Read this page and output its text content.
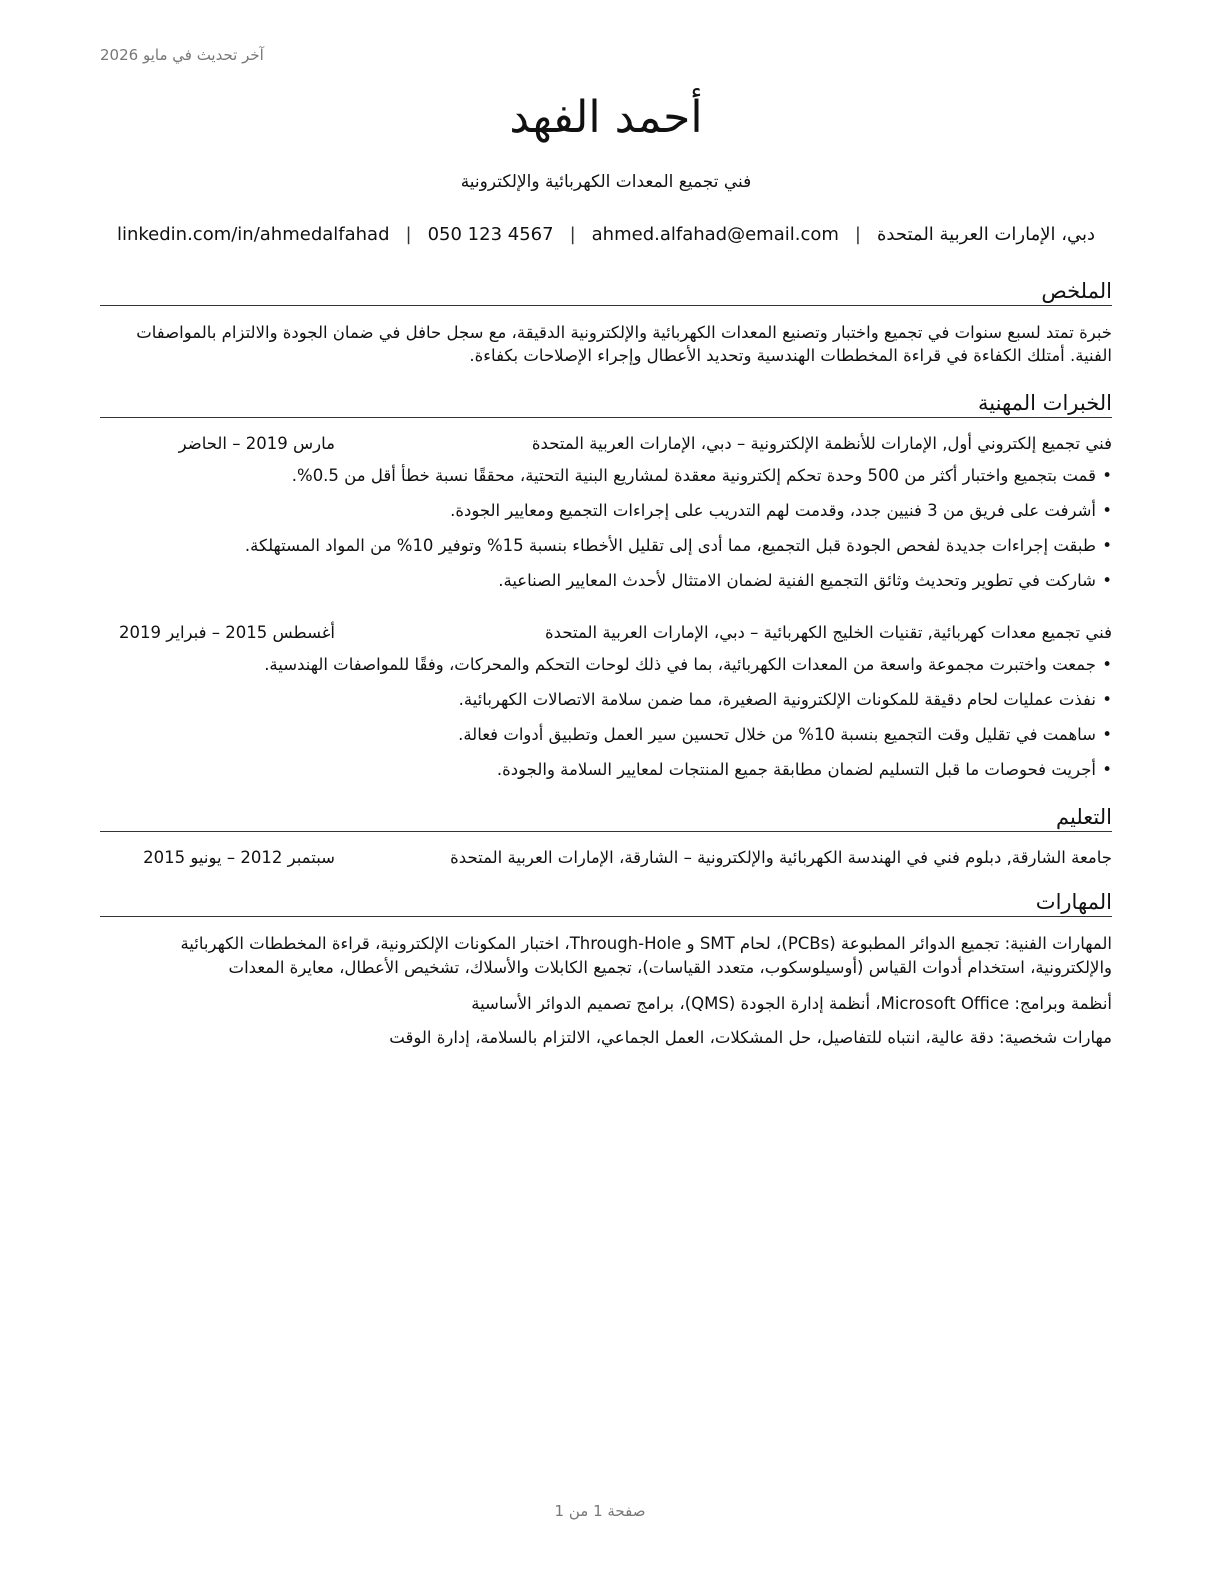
آخر تحديث في مايو 2026
أحمد الفهد
فني تجميع المعدات الكهربائية والإلكترونية
دبي، الإمارات العربية المتحدة
|
ahmed.alfahad@email.com
|
050 123 4567
|
linkedin.com/in/ahmedalfahad
الملخص
خبرة تمتد لسبع سنوات في تجميع واختبار وتصنيع المعدات الكهربائية والإلكترونية الدقيقة، مع سجل حافل في ضمان الجودة والالتزام بالمواصفات الفنية. أمتلك الكفاءة في قراءة المخططات الهندسية وتحديد الأعطال وإجراء الإصلاحات بكفاءة.
الخبرات المهنية
فني تجميع إلكتروني أول, الإمارات للأنظمة الإلكترونية – دبي، الإمارات العربية المتحدة
مارس 2019 – الحاضر
•قمت بتجميع واختبار أكثر من 500 وحدة تحكم إلكترونية معقدة لمشاريع البنية التحتية، محققًا نسبة خطأ أقل من 0.5%.
•أشرفت على فريق من 3 فنيين جدد، وقدمت لهم التدريب على إجراءات التجميع ومعايير الجودة.
•طبقت إجراءات جديدة لفحص الجودة قبل التجميع، مما أدى إلى تقليل الأخطاء بنسبة 15% وتوفير 10% من المواد المستهلكة.
•شاركت في تطوير وتحديث وثائق التجميع الفنية لضمان الامتثال لأحدث المعايير الصناعية.
فني تجميع معدات كهربائية, تقنيات الخليج الكهربائية – دبي، الإمارات العربية المتحدة
أغسطس 2015 – فبراير 2019
•جمعت واختبرت مجموعة واسعة من المعدات الكهربائية، بما في ذلك لوحات التحكم والمحركات، وفقًا للمواصفات الهندسية.
•نفذت عمليات لحام دقيقة للمكونات الإلكترونية الصغيرة، مما ضمن سلامة الاتصالات الكهربائية.
•ساهمت في تقليل وقت التجميع بنسبة 10% من خلال تحسين سير العمل وتطبيق أدوات فعالة.
•أجريت فحوصات ما قبل التسليم لضمان مطابقة جميع المنتجات لمعايير السلامة والجودة.
التعليم
جامعة الشارقة, دبلوم فني في الهندسة الكهربائية والإلكترونية – الشارقة، الإمارات العربية المتحدة
سبتمبر 2012 – يونيو 2015
المهارات
المهارات الفنية: تجميع الدوائر المطبوعة (PCBs)، لحام SMT و Through-Hole، اختبار المكونات الإلكترونية، قراءة المخططات الكهربائية والإلكترونية، استخدام أدوات القياس (أوسيلوسكوب، متعدد القياسات)، تجميع الكابلات والأسلاك، تشخيص الأعطال، معايرة المعدات
أنظمة وبرامج: Microsoft Office، أنظمة إدارة الجودة (QMS)، برامج تصميم الدوائر الأساسية
مهارات شخصية: دقة عالية، انتباه للتفاصيل، حل المشكلات، العمل الجماعي، الالتزام بالسلامة، إدارة الوقت
صفحة 1 من 1
